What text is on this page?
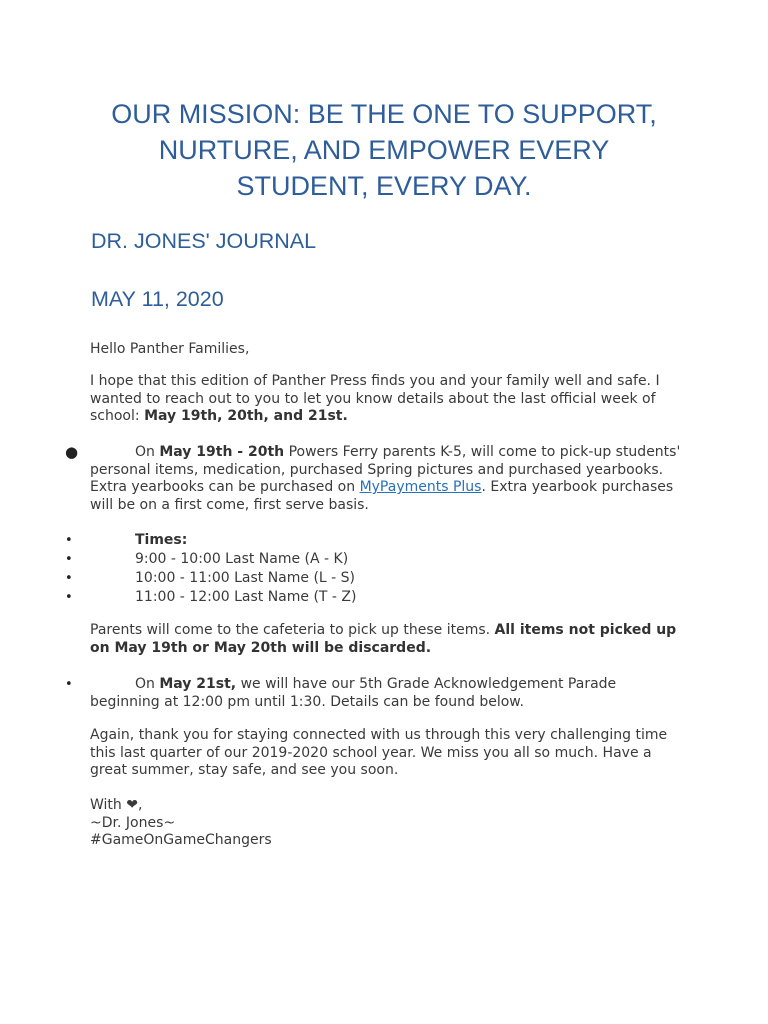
OUR MISSION: BE THE ONE TO SUPPORT,
NURTURE, AND EMPOWER EVERY
STUDENT, EVERY DAY.
DR. JONES' JOURNAL
MAY 11, 2020

Hello Panther Families,

I hope that this edition of Panther Press finds you and your family well and safe. I wanted to reach out to you to let you know details about the last official week of school: May 19th, 20th, and 21st.

●	On May 19th - 20th Powers Ferry parents K-5, will come to pick-up students' personal items, medication, purchased Spring pictures and purchased yearbooks. Extra yearbooks can be purchased on MyPayments Plus. Extra yearbook purchases will be on a first come, first serve basis.
•	Times:
•	9:00 - 10:00 Last Name (A - K)
•	10:00 - 11:00 Last Name (L - S)
•	11:00 - 12:00 Last Name (T - Z)

Parents will come to the cafeteria to pick up these items. All items not picked up on May 19th or May 20th will be discarded.

•	On May 21st, we will have our 5th Grade Acknowledgement Parade beginning at 12:00 pm until 1:30. Details can be found below.

Again, thank you for staying connected with us through this very challenging time this last quarter of our 2019-2020 school year. We miss you all so much. Have a great summer, stay safe, and see you soon.

With ❤,
~Dr. Jones~
#GameOnGameChangers
